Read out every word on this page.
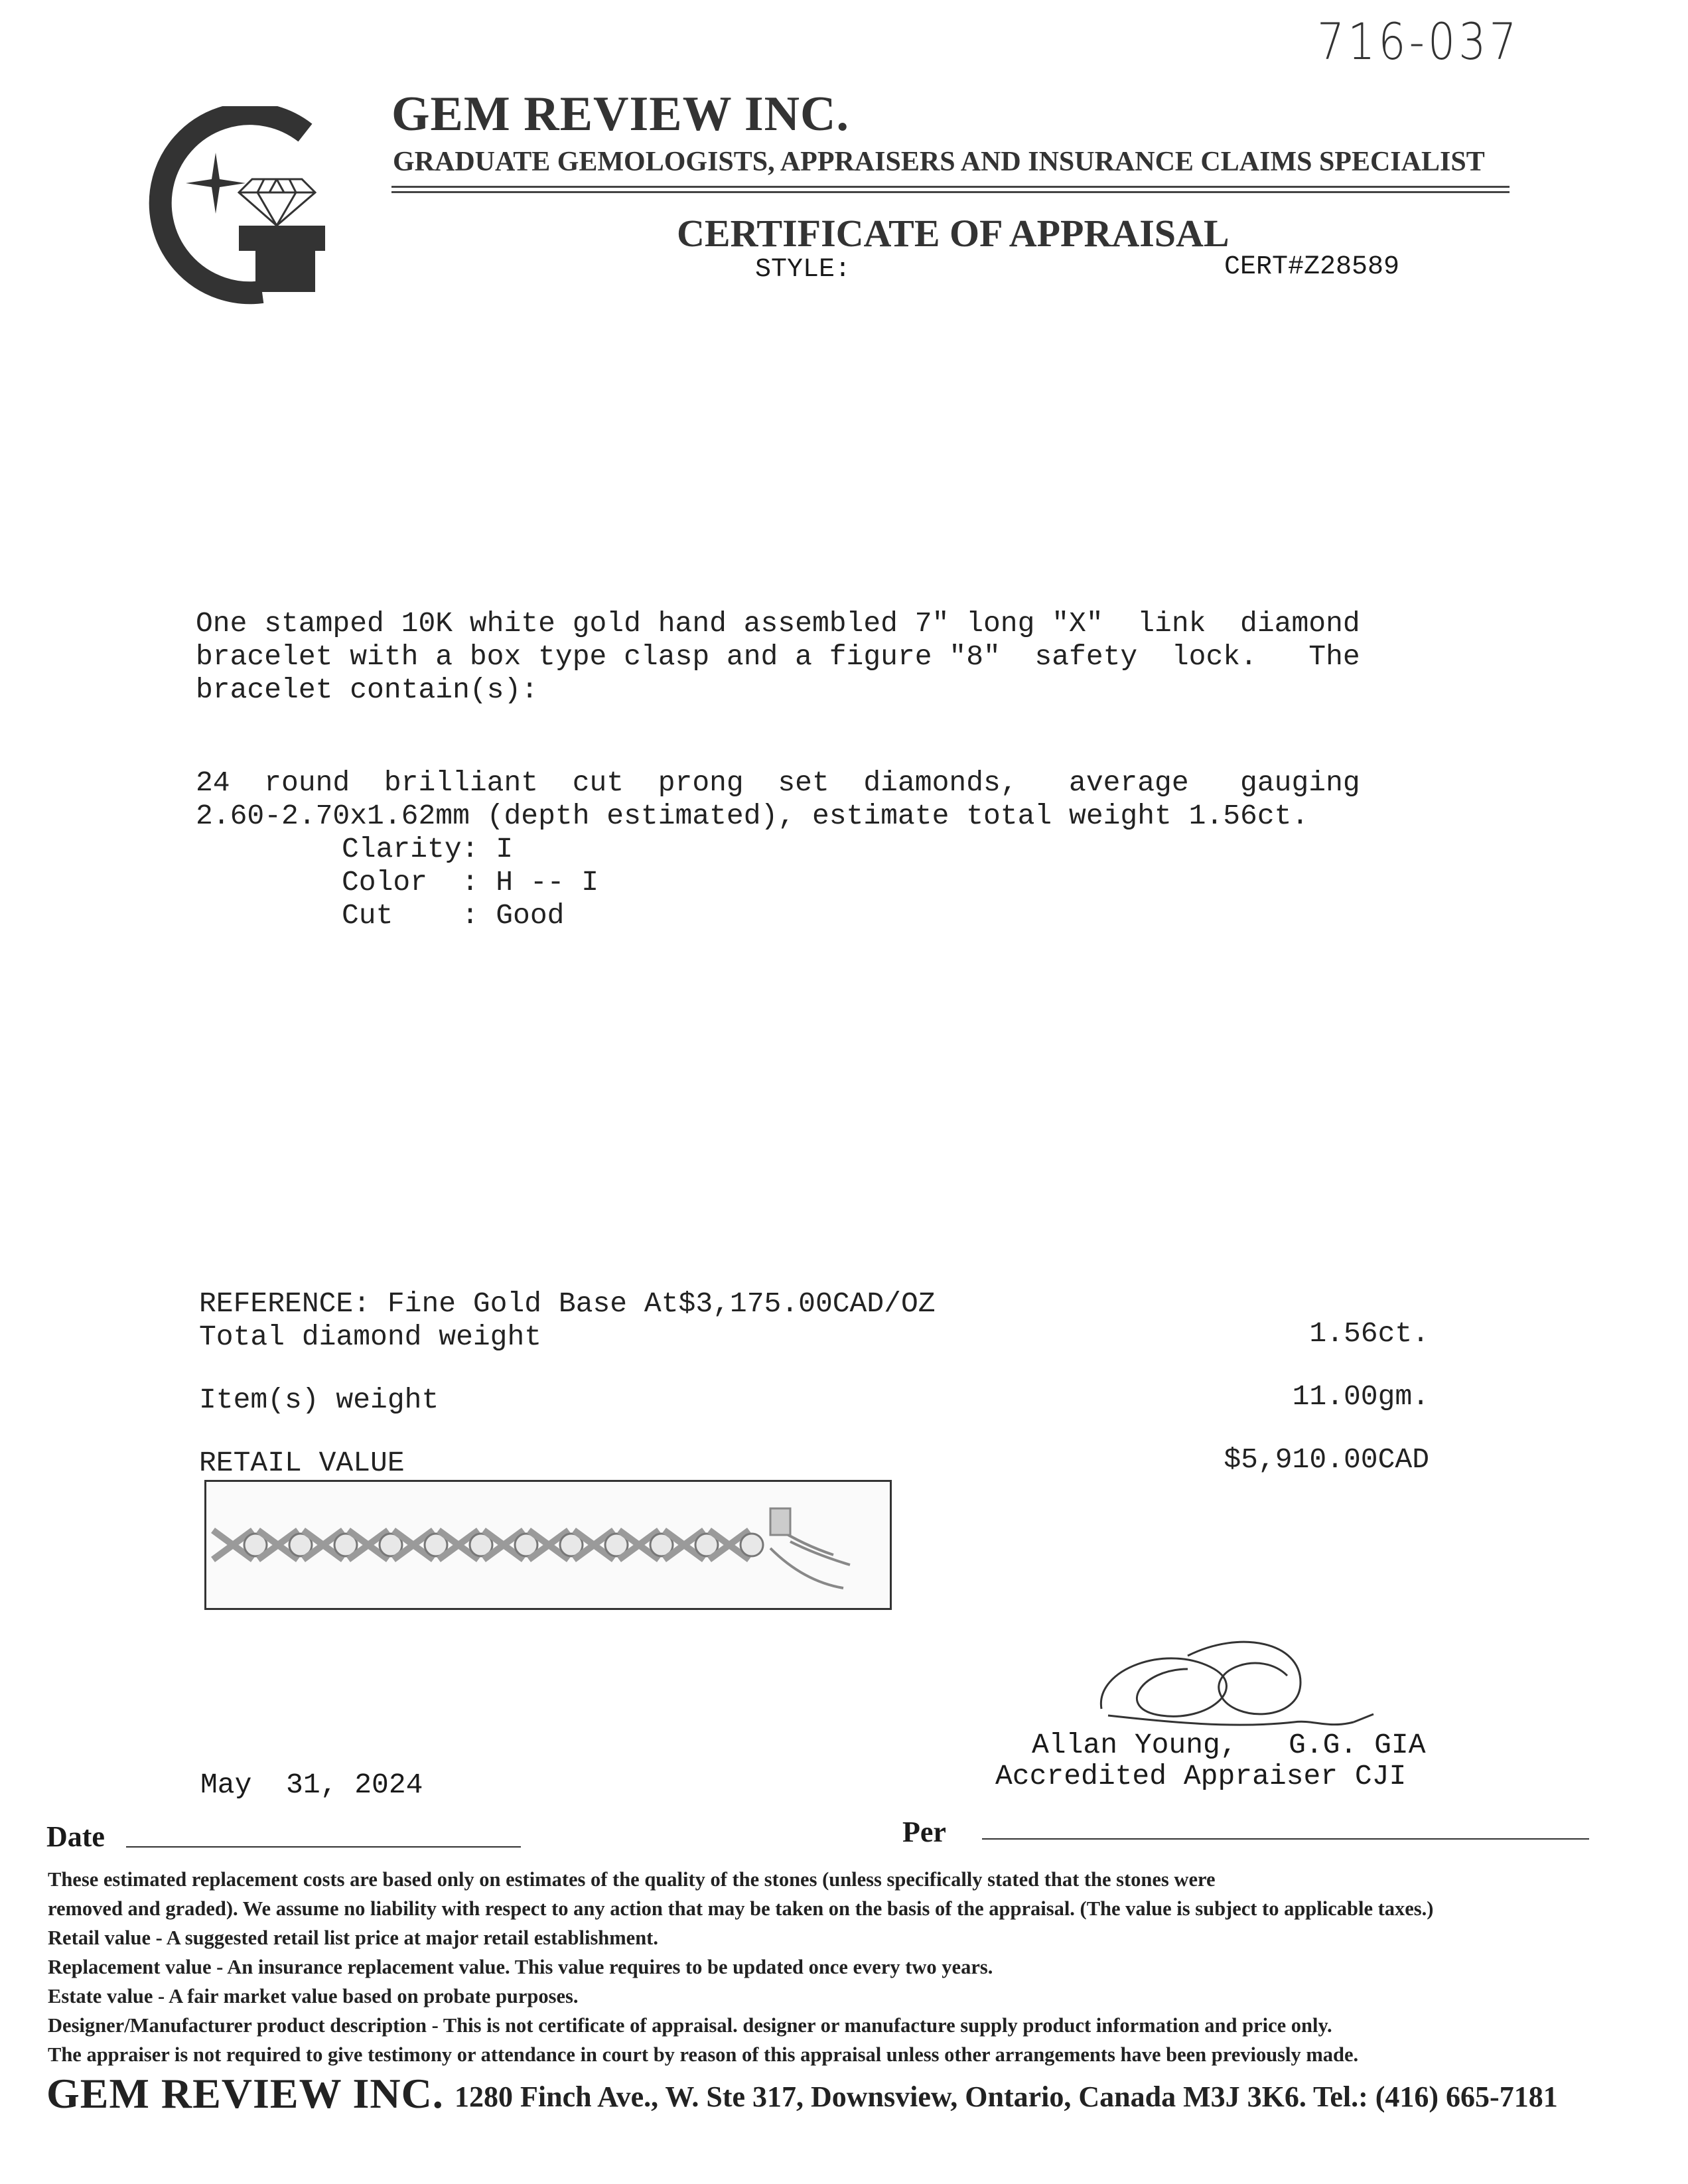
716-037
GEM REVIEW INC.
GRADUATE GEMOLOGISTS, APPRAISERS AND INSURANCE CLAIMS SPECIALIST
CERTIFICATE OF APPRAISAL
STYLE:	CERT#Z28589
One stamped 10K white gold hand assembled 7" long "X"  link  diamond
bracelet with a box type clasp and a figure "8"  safety  lock.   The
bracelet contain(s):
24  round  brilliant  cut  prong  set  diamonds,   average   gauging
2.60-2.70x1.62mm (depth estimated), estimate total weight 1.56ct.
Clarity: I
Color  : H -- I
Cut    : Good
REFERENCE: Fine Gold Base At$3,175.00CAD/OZ
Total diamond weight	1.56ct.
Item(s) weight	11.00gm.
RETAIL VALUE	$5,910.00CAD
Allan Young,   G.G. GIA
Accredited Appraiser CJI
May  31, 2024
Date	Per
These estimated replacement costs are based only on estimates of the quality of the stones (unless specifically stated that the stones were
removed and graded). We assume no liability with respect to any action that may be taken on the basis of the appraisal. (The value is subject to applicable taxes.)
Retail value - A suggested retail list price at major retail establishment.
Replacement value - An insurance replacement value. This value requires to be updated once every two years.
Estate value - A fair market value based on probate purposes.
Designer/Manufacturer product description - This is not certificate of appraisal. designer or manufacture supply product information and price only.
The appraiser is not required to give testimony or attendance in court by reason of this appraisal unless other arrangements have been previously made.
GEM REVIEW INC. 1280 Finch Ave., W. Ste 317, Downsview, Ontario, Canada M3J 3K6. Tel.: (416) 665-7181
